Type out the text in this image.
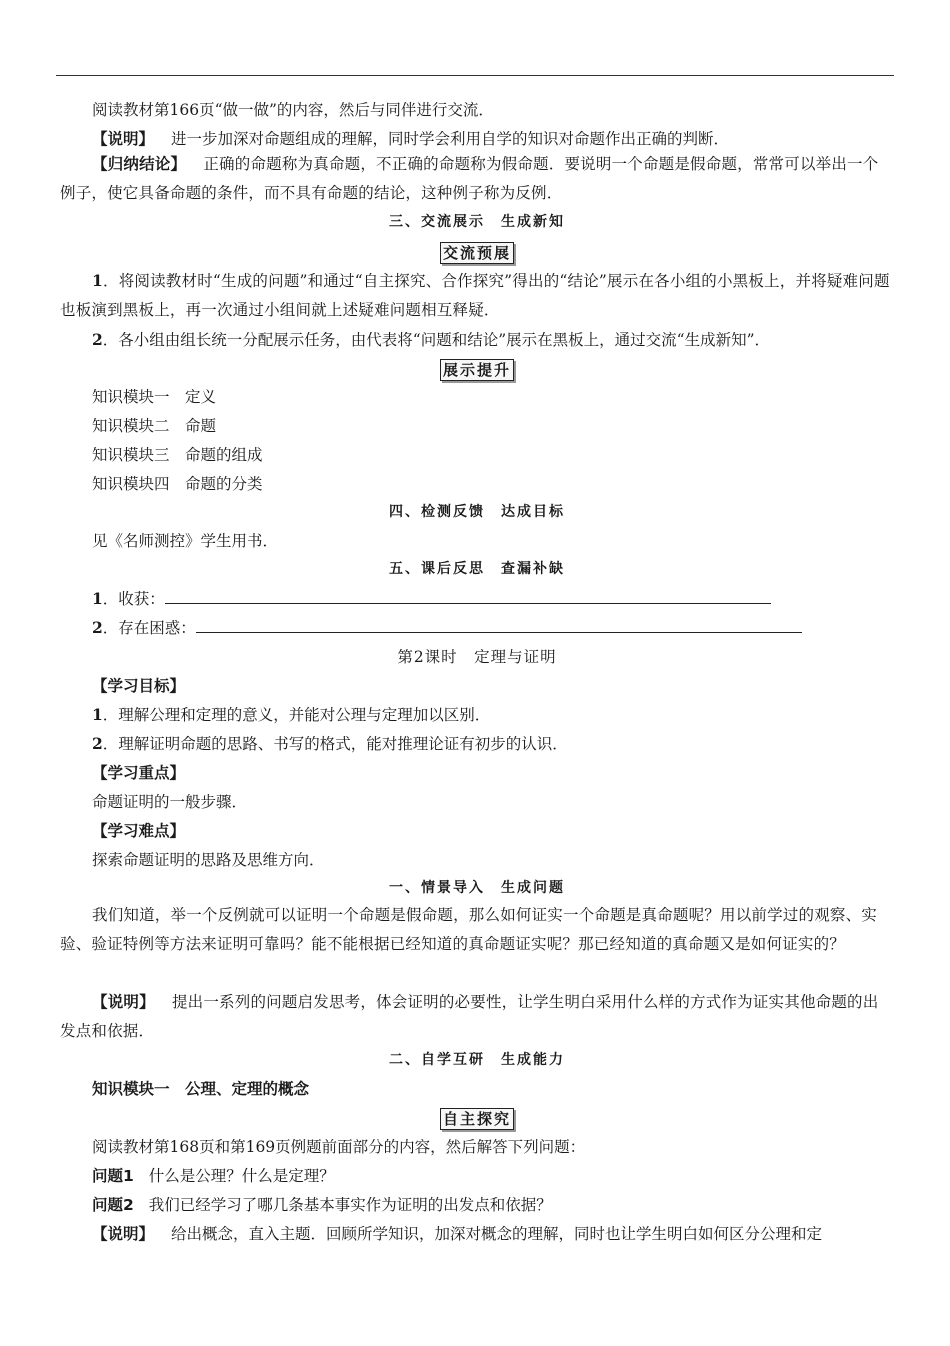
阅读教材第166页“做一做”的内容，然后与同伴进行交流．
【说明】 进一步加深对命题组成的理解，同时学会利用自学的知识对命题作出正确的判断．
【归纳结论】 正确的命题称为真命题，不正确的命题称为假命题．要说明一个命题是假命题，常常可以举出一个例子，使它具备命题的条件，而不具有命题的结论，这种例子称为反例．
三、交流展示　生成新知
交流预展
1．将阅读教材时“生成的问题”和通过“自主探究、合作探究”得出的“结论”展示在各小组的小黑板上，并将疑难问题也板演到黑板上，再一次通过小组间就上述疑难问题相互释疑．
2．各小组由组长统一分配展示任务，由代表将“问题和结论”展示在黑板上，通过交流“生成新知”．
展示提升
知识模块一　定义
知识模块二　命题
知识模块三　命题的组成
知识模块四　命题的分类
四、检测反馈　达成目标
见《名师测控》学生用书．
五、课后反思　查漏补缺
1．收获：
2．存在困惑：
第2课时　定理与证明
【学习目标】
1．理解公理和定理的意义，并能对公理与定理加以区别．
2．理解证明命题的思路、书写的格式，能对推理论证有初步的认识．
【学习重点】
命题证明的一般步骤．
【学习难点】
探索命题证明的思路及思维方向．
一、情景导入　生成问题
我们知道，举一个反例就可以证明一个命题是假命题，那么如何证实一个命题是真命题呢？用以前学过的观察、实验、验证特例等方法来证明可靠吗？能不能根据已经知道的真命题证实呢？那已经知道的真命题又是如何证实的？
【说明】 提出一系列的问题启发思考，体会证明的必要性，让学生明白采用什么样的方式作为证实其他命题的出发点和依据．
二、自学互研　生成能力
知识模块一　公理、定理的概念
自主探究
阅读教材第168页和第169页例题前面部分的内容，然后解答下列问题：
问题1 什么是公理？什么是定理？
问题2 我们已经学习了哪几条基本事实作为证明的出发点和依据？
【说明】 给出概念，直入主题．回顾所学知识，加深对概念的理解，同时也让学生明白如何区分公理和定
